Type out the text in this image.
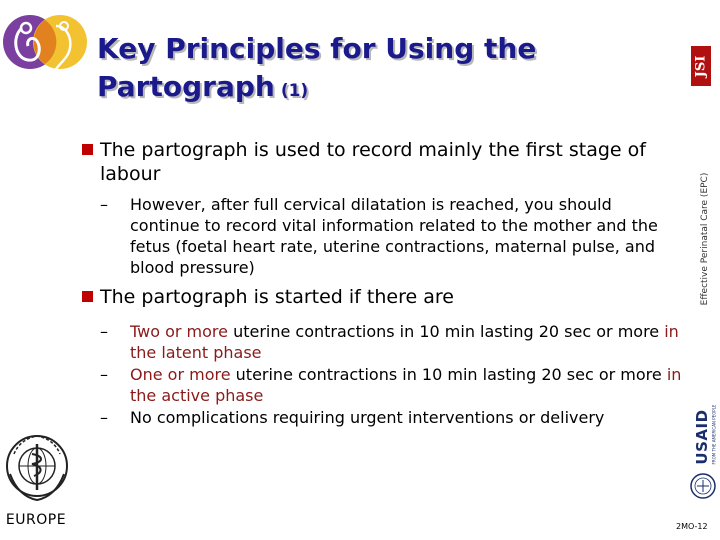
Key Principles for Using the
Partograph (1)
JSI
Effective Perinatal Care (EPC)
USAID FROM THE AMERICAN PEOPLE
2MO-12
EUROPE
The partograph is used to record mainly the first stage of labour
–	However, after full cervical dilatation is reached, you should continue to record vital information related to the mother and the fetus (foetal heart rate, uterine contractions, maternal pulse, and blood pressure)
The partograph is started if there are
–	Two or more uterine contractions in 10 min lasting 20 sec or more in the latent phase
–	One or more uterine contractions in 10 min lasting 20 sec or more in the active phase
–	No complications requiring urgent interventions or delivery
